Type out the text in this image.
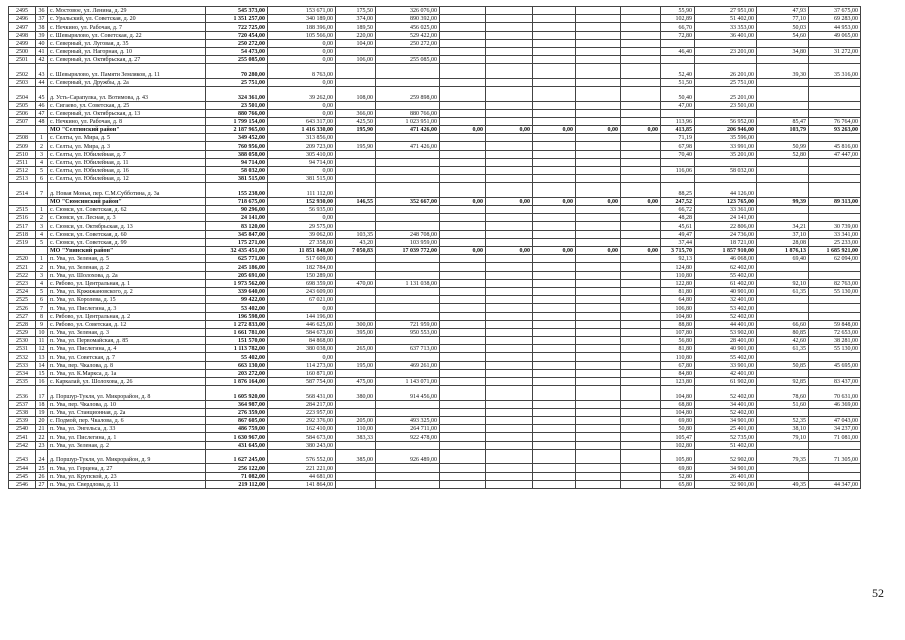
2495	36	с. Мостовое, ул. Ленина, д. 29	545 373,00	153 671,00	175,50	326 076,00						55,90	27 951,00	47,93	37 675,00
2496	37	с. Уральский, ул. Советская, д. 20	1 351 257,00	340 189,00	374,00	890 392,00						102,89	51 402,00	77,10	69 283,00
2497	38	с. Нечкино, ул. Рабочая, д. 7	722 725,00	188 396,00	189,50	456 025,00						66,70	33 353,00	50,03	44 953,00
2498	39	с. Шевырялово, ул. Советская, д. 22	720 454,00	105 566,00	220,00	529 422,00						72,80	36 401,00	54,60	49 065,00
2499	40	с. Северный, ул. Луговая, д. 35	250 272,00	0,00	104,00	250 272,00									
2500	41	с. Северный, ул. Нагорная, д. 10	54 473,00	0,00								46,40	23 201,00	34,80	31 272,00
2501	42	с. Северный, ул. Октябрьская, д. 27	255 085,00	0,00	106,00	255 085,00									
2502	43	с. Шевырялово, ул. Памяти Земляков, д. 11	70 280,00	8 763,00								52,40	26 201,00	39,30	35 316,00
2503	44	с. Северный, ул. Дружбы, д. 2а	25 751,00	0,00								51,50	25 751,00		
2504	45	д. Усть-Сарапулка, ул. Вотимова, д. 43	324 361,00	39 262,00	108,00	259 898,00						50,40	25 201,00		
2505	46	с. Сигаево, ул. Советская, д. 25	23 501,00	0,00								47,00	23 501,00		
2506	47	с. Северный, ул. Октябрьская, д. 13	880 766,00	0,00	366,00	880 766,00									
2507	48	с. Нечкино, ул. Рабочая, д. 8	1 799 154,00	643 317,00	425,50	1 023 951,00						113,96	56 952,00	85,47	76 764,00
		МО "Селтинский район"	2 187 965,00	1 416 330,00	195,90	471 426,00	0,00	0,00	0,00	0,00	0,00	413,85	206 946,00	103,79	93 263,00
2508	1	с. Селты, ул. Мира, д. 5	349 452,00	313 856,00								71,19	35 596,00		
2509	2	с. Селты, ул. Мира, д. 3	760 956,00	209 723,00	195,90	471 426,00						67,98	33 991,00	50,99	45 816,00
2510	3	с. Селты, ул. Юбилейная, д. 7	388 058,00	305 410,00								70,40	35 201,00	52,80	47 447,00
2511	4	с. Селты, ул. Юбилейная, д. 11	94 714,00	94 714,00											
2512	5	с. Селты, ул. Юбилейная, д. 16	58 032,00	0,00								116,06	58 032,00		
2513	6	с. Селты, ул. Юбилейная, д. 12	381 515,00	381 515,00											
2514	7	д. Новая Монья, пер. С.М.Субботина, д. 3а	155 238,00	111 112,00								88,25	44 126,00		
		МО "Сюмсинский район"	718 675,00	152 930,00	146,55	352 667,00	0,00	0,00	0,00	0,00	0,00	247,52	123 765,00	99,39	89 313,00
2515	1	с. Сюмси, ул. Советская, д. 62	90 296,00	56 935,00								66,72	33 361,00		
2516	2	с. Сюмси, ул. Лесная, д. 3	24 141,00	0,00								48,28	24 141,00		
2517	3	с. Сюмси, ул. Октябрьская, д. 13	83 120,00	29 575,00								45,61	22 806,00	34,21	30 739,00
2518	4	с. Сюмси, ул. Советская, д. 60	345 847,00	39 062,00	103,35	248 708,00						49,47	24 736,00	37,10	33 341,00
2519	5	с. Сюмси, ул. Советская, д. 99	175 271,00	27 358,00	43,20	103 959,00						37,44	18 721,00	28,08	25 233,00
		МО "Увинский район"	32 435 451,00	11 851 848,00	7 050,83	17 039 772,00	0,00	0,00	0,00	0,00	0,00	3 715,70	1 857 910,00	1 876,13	1 685 921,00
2520	1	п. Ува, ул. Зеленая, д. 5	625 771,00	517 609,00								92,13	46 068,00	69,40	62 094,00
2521	2	п. Ува, ул. Зеленая, д. 2	245 186,00	182 784,00								124,80	62 402,00		
2522	3	п. Ува, ул. Шолохова, д. 2а	205 691,00	150 289,00								110,80	55 402,00		
2523	4	с. Рябово, ул. Центральная, д. 1	1 973 562,00	698 359,00	470,00	1 131 038,00						122,80	61 402,00	92,10	82 763,00
2524	5	п. Ува, ул. Кржижановского, д. 2	339 640,00	243 609,00								81,80	40 901,00	61,35	55 130,00
2525	6	п. Ува, ул. Королева, д. 15	99 422,00	67 021,00								64,80	32 401,00		
2526	7	п. Ува, ул. Пислегина, д. 3	53 402,00	0,00								106,80	53 402,00		
2527	8	с. Рябово, ул. Центральная, д. 2	196 598,00	144 196,00								104,80	52 402,00		
2528	9	с. Рябово, ул. Советская, д. 12	1 272 833,00	446 625,00	300,00	721 959,00						88,80	44 401,00	66,60	59 848,00
2529	10	п. Ува, ул. Зеленая, д. 3	1 661 781,00	584 673,00	395,00	950 553,00						107,80	53 902,00	80,85	72 653,00
2530	11	п. Ува, ул. Первомайская, д. 85	151 570,00	84 868,00								56,80	28 401,00	42,60	38 281,00
2531	12	п. Ува, ул. Пислегина, д. 4	1 113 782,00	380 038,00	265,00	637 713,00						81,80	40 901,00	61,35	55 130,00
2532	13	п. Ува, ул. Советская, д. 7	55 402,00	0,00								110,80	55 402,00		
2533	14	п. Ува, пер. Чкалова, д. 8	663 130,00	114 273,00	195,00	469 261,00						67,80	33 901,00	50,85	45 695,00
2534	15	п. Ува, ул. К.Маркса, д. 1а	203 272,00	160 871,00								84,80	42 401,00		
2535	16	с. Каркалай, ул. Шолохова, д. 26	1 876 164,00	587 754,00	475,00	1 143 071,00						123,80	61 902,00	92,85	83 437,00
2536	17	д. Поршур-Тукля, ул. Микрорайон, д. 8	1 605 920,00	568 431,00	380,00	914 456,00						104,80	52 402,00	78,60	70 631,00
2537	18	п. Ува, пер. Чкалова, д. 10	364 987,00	284 217,00								68,80	34 401,00	51,60	46 369,00
2538	19	п. Ува, ул. Станционная, д. 2а	276 359,00	223 957,00								104,80	52 402,00		
2539	20	с. Подмой, пер. Чкалова, д. 6	867 605,00	292 376,00	205,00	493 325,00						69,80	34 901,00	52,35	47 043,00
2540	21	п. Ува, ул. Энгельса, д. 33	486 759,00	162 410,00	110,00	264 711,00						50,80	25 401,00	38,10	34 237,00
2541	22	п. Ува, ул. Пислегина, д. 1	1 630 967,00	584 673,00	383,33	922 478,00						105,47	52 735,00	79,10	71 081,00
2542	23	п. Ува, ул. Зеленая, д. 2	431 645,00	380 243,00								102,80	51 402,00		
2543	24	д. Поршур-Тукля, ул. Микрорайон, д. 9	1 627 245,00	576 552,00	385,00	926 489,00						105,80	52 902,00	79,35	71 305,00
2544	25	п. Ува, ул. Герцена, д. 27	256 122,00	221 221,00								69,80	34 901,00		
2545	26	п. Ува, ул. Крупской, д. 23	71 082,00	44 681,00								52,80	26 401,00		
2546	27	п. Ува, ул. Свердлова, д. 11	219 112,00	141 864,00								65,80	32 901,00	49,35	44 347,00
52
